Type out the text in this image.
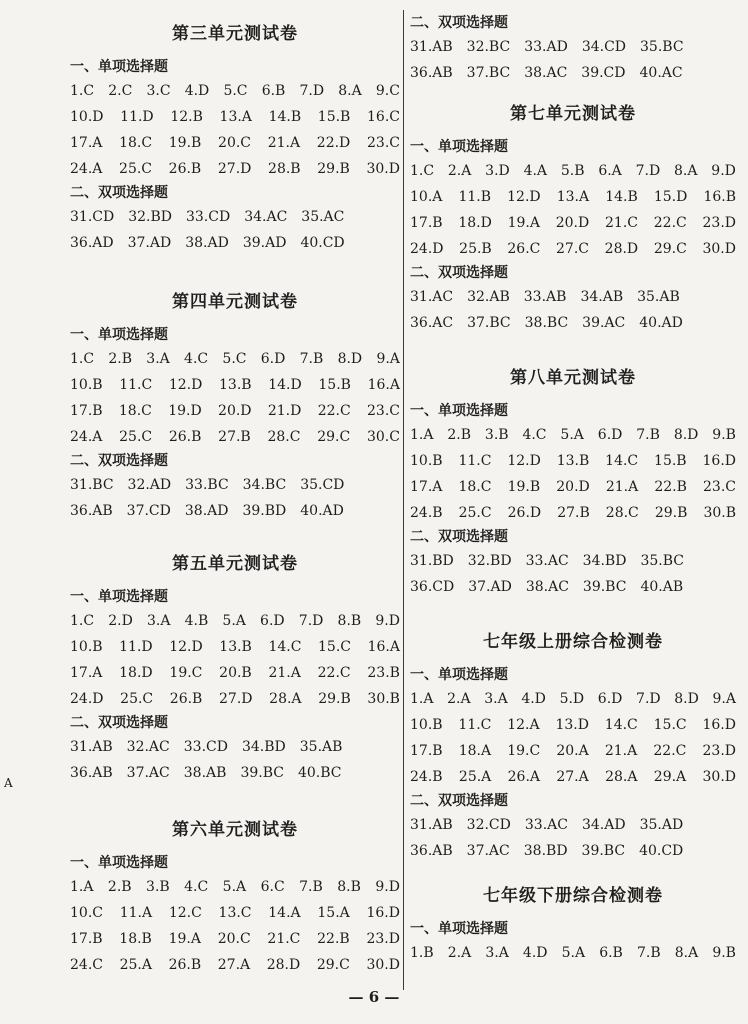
第三单元测试卷
一、单项选择题
1.C 2.C 3.C 4.D 5.C 6.B 7.D 8.A 9.C
10.D 11.D 12.B 13.A 14.B 15.B 16.C
17.A 18.C 19.B 20.C 21.A 22.D 23.C
24.A 25.C 26.B 27.D 28.B 29.B 30.D
二、双项选择题
31.CD 32.BD 33.CD 34.AC 35.AC
36.AD 37.AD 38.AD 39.AD 40.CD
第四单元测试卷
一、单项选择题
1.C 2.B 3.A 4.C 5.C 6.D 7.B 8.D 9.A
10.B 11.C 12.D 13.B 14.D 15.B 16.A
17.B 18.C 19.D 20.D 21.D 22.C 23.C
24.A 25.C 26.B 27.B 28.C 29.C 30.C
二、双项选择题
31.BC 32.AD 33.BC 34.BC 35.CD
36.AB 37.CD 38.AD 39.BD 40.AD
第五单元测试卷
一、单项选择题
1.C 2.D 3.A 4.B 5.A 6.D 7.D 8.B 9.D
10.B 11.D 12.D 13.B 14.C 15.C 16.A
17.A 18.D 19.C 20.B 21.A 22.C 23.B
24.D 25.C 26.B 27.D 28.A 29.B 30.B
二、双项选择题
31.AB 32.AC 33.CD 34.BD 35.AB
36.AB 37.AC 38.AB 39.BC 40.BC
第六单元测试卷
一、单项选择题
1.A 2.B 3.B 4.C 5.A 6.C 7.B 8.B 9.D
10.C 11.A 12.C 13.C 14.A 15.A 16.D
17.B 18.B 19.A 20.C 21.C 22.B 23.D
24.C 25.A 26.B 27.A 28.D 29.C 30.D
二、双项选择题
31.AB 32.BC 33.AD 34.CD 35.BC
36.AB 37.BC 38.AC 39.CD 40.AC
第七单元测试卷
一、单项选择题
1.C 2.A 3.D 4.A 5.B 6.A 7.D 8.A 9.D
10.A 11.B 12.D 13.A 14.B 15.D 16.B
17.B 18.D 19.A 20.D 21.C 22.C 23.D
24.D 25.B 26.C 27.C 28.D 29.C 30.D
二、双项选择题
31.AC 32.AB 33.AB 34.AB 35.AB
36.AC 37.BC 38.BC 39.AC 40.AD
第八单元测试卷
一、单项选择题
1.A 2.B 3.B 4.C 5.A 6.D 7.B 8.D 9.B
10.B 11.C 12.D 13.B 14.C 15.B 16.D
17.A 18.C 19.B 20.D 21.A 22.B 23.C
24.B 25.C 26.D 27.B 28.C 29.B 30.B
二、双项选择题
31.BD 32.BD 33.AC 34.BD 35.BC
36.CD 37.AD 38.AC 39.BC 40.AB
七年级上册综合检测卷
一、单项选择题
1.A 2.A 3.A 4.D 5.D 6.D 7.D 8.D 9.A
10.B 11.C 12.A 13.D 14.C 15.C 16.D
17.B 18.A 19.C 20.A 21.A 22.C 23.D
24.B 25.A 26.A 27.A 28.A 29.A 30.D
二、双项选择题
31.AB 32.CD 33.AC 34.AD 35.AD
36.AB 37.AC 38.BD 39.BC 40.CD
七年级下册综合检测卷
一、单项选择题
1.B 2.A 3.A 4.D 5.A 6.B 7.B 8.A 9.B
— 6 —
A
